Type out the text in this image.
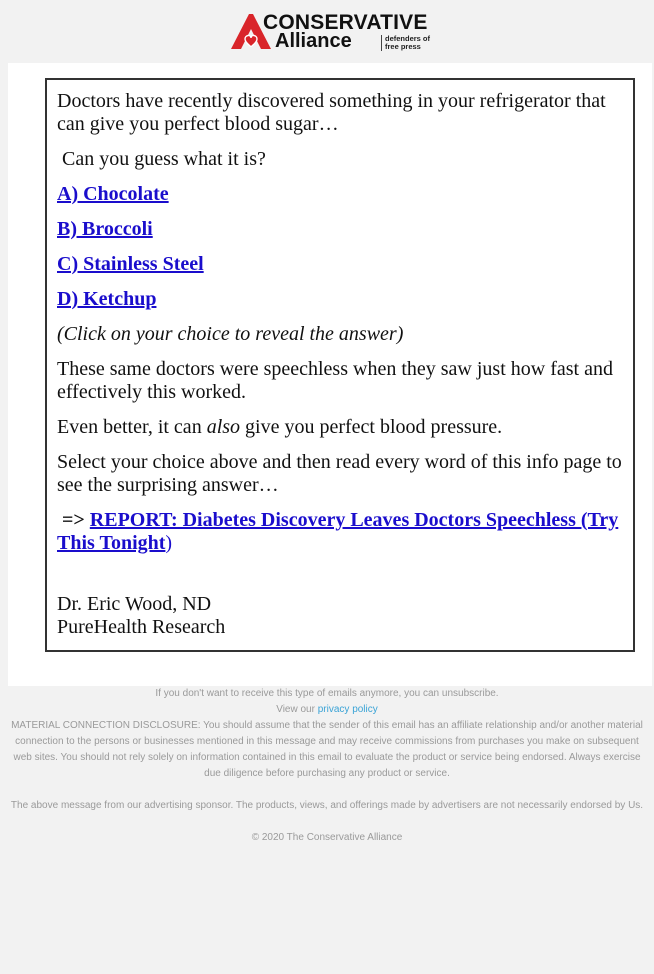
CONSERVATIVE
Alliance	defenders of free press

Doctors have recently discovered something in your refrigerator that can give you perfect blood sugar…

Can you guess what it is?

A) Chocolate

B) Broccoli

C) Stainless Steel

D) Ketchup

(Click on your choice to reveal the answer)

These same doctors were speechless when they saw just how fast and effectively this worked.

Even better, it can also give you perfect blood pressure.

Select your choice above and then read every word of this info page to see the surprising answer…

=> REPORT: Diabetes Discovery Leaves Doctors Speechless (Try This Tonight)

Dr. Eric Wood, ND
PureHealth Research

If you don't want to receive this type of emails anymore, you can unsubscribe.

View our privacy policy

MATERIAL CONNECTION DISCLOSURE: You should assume that the sender of this email has an affiliate relationship and/or another material connection to the persons or businesses mentioned in this message and may receive commissions from purchases you make on subsequent web sites. You should not rely solely on information contained in this email to evaluate the product or service being endorsed. Always exercise due diligence before purchasing any product or service.

The above message from our advertising sponsor. The products, views, and offerings made by advertisers are not necessarily endorsed by Us.

© 2020 The Conservative Alliance
